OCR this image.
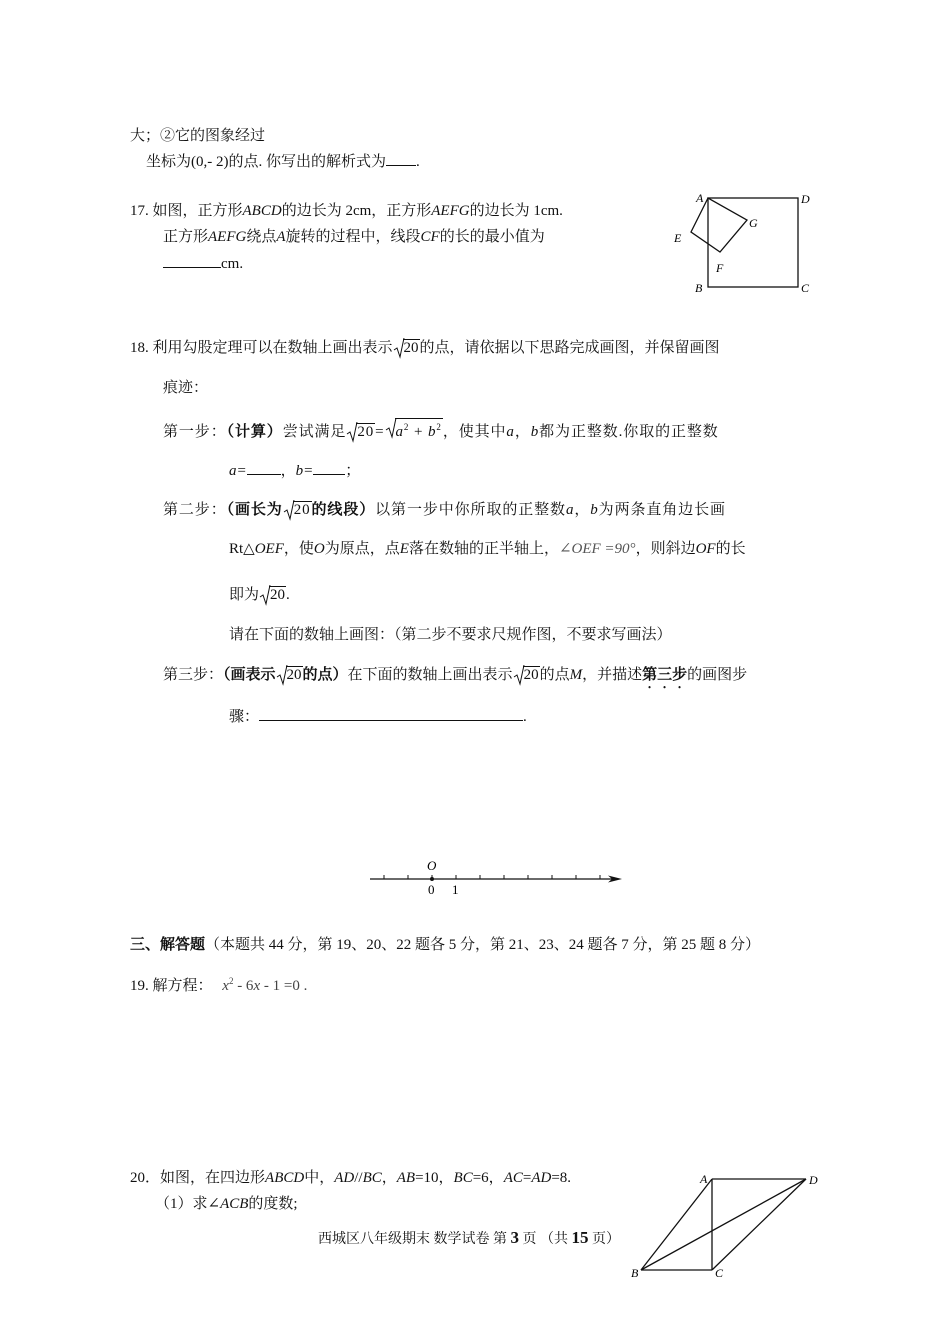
大；②它的图象经过
坐标为(0,- 2)的点. 你写出的解析式为 .
17. 如图，正方形ABCD的边长为 2cm，正方形AEFG的边长为 1cm.
正方形AEFG绕点A旋转的过程中，线段CF的长的最小值为
cm.
A	D
G
E
F
B	C
18. 利用勾股定理可以在数轴上画出表示 20的点，请依据以下思路完成画图，并保留画图
痕迹：
第一步：（计算）尝试满足 $20= a^2 + b^2$，使其中a，b都为正整数.你取的正整数
a= ，b= ；
第二步：（画长为 20的线段）以第一步中你所取的正整数a，b为两条直角边长画
Rt△OEF，使O为原点，点E落在数轴的正半轴上，∠OEF =90°，则斜边OF的长
即为 20.
请在下面的数轴上画图：（第二步不要求尺规作图，不要求写画法）
第三步：（画表示 20的点）在下面的数轴上画出表示 20的点M，并描述第三步的画图步
骤：	.
O
0 1
三、解答题（本题共 44 分，第 19、20、22 题各 5 分，第 21、23、24 题各 7 分，第 25 题 8 分）
19. 解方程： $x^2 - 6x - 1 =0$ .
20．如图，在四边形ABCD中，AD//BC，AB=10，BC=6，AC=AD=8.
（1）求∠ACB的度数;
A	D
B	C
西城区八年级期末 数学试卷 第 3 页 （共 15 页）
